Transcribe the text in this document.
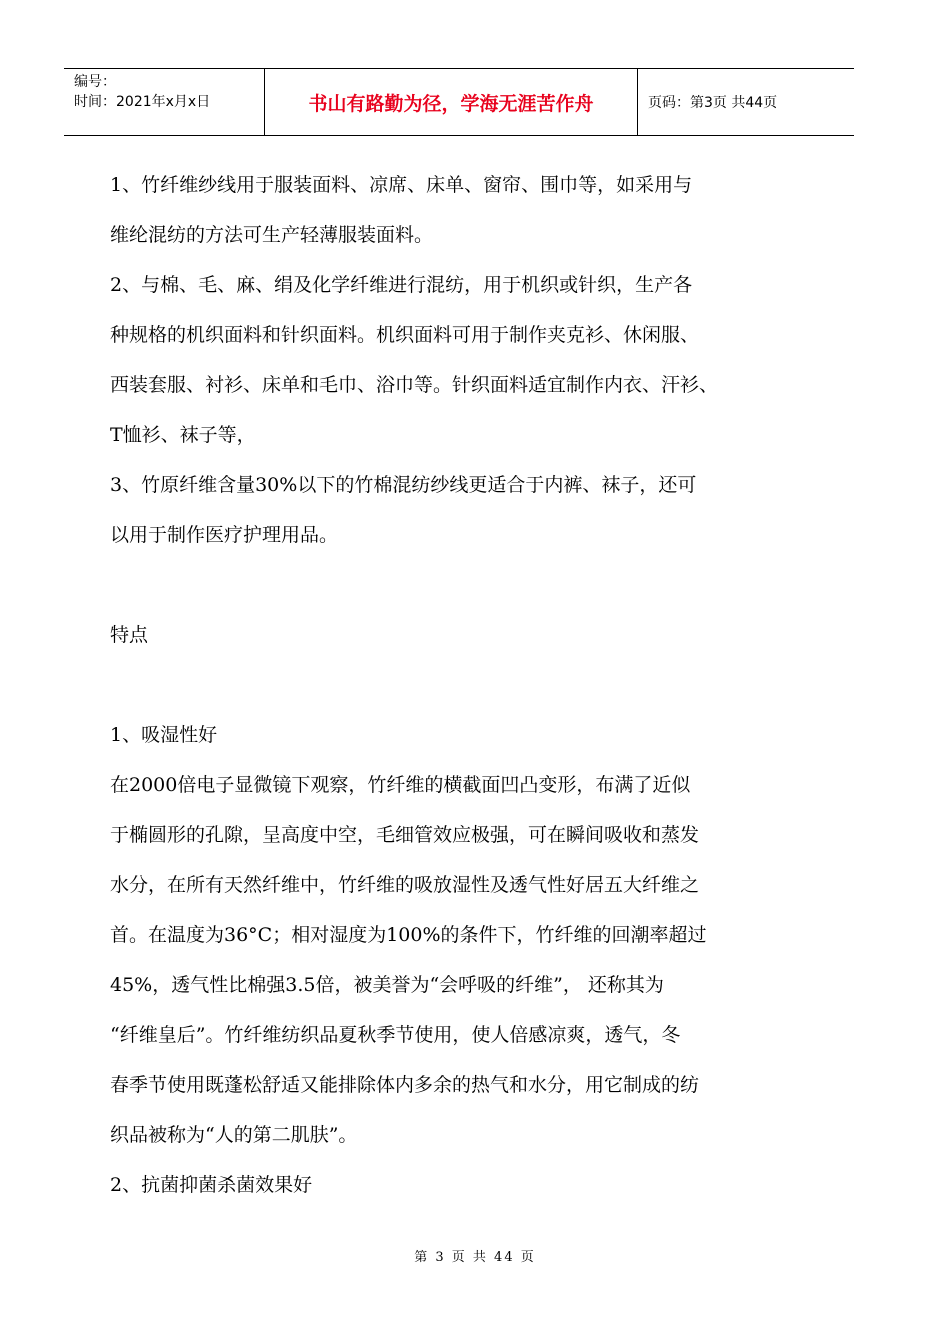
编号：
时间：2021年x月x日	书山有路勤为径，学海无涯苦作舟	页码：第3页 共44页
1、竹纤维纱线用于服装面料、凉席、床单、窗帘、围巾等，如采用与
维纶混纺的方法可生产轻薄服装面料。
2、与棉、毛、麻、绢及化学纤维进行混纺，用于机织或针织，生产各
种规格的机织面料和针织面料。机织面料可用于制作夹克衫、休闲服、
西装套服、衬衫、床单和毛巾、浴巾等。针织面料适宜制作内衣、汗衫、
T恤衫、袜子等，
3、竹原纤维含量30%以下的竹棉混纺纱线更适合于内裤、袜子，还可
以用于制作医疗护理用品。
特点
1、吸湿性好
在2000倍电子显微镜下观察，竹纤维的横截面凹凸变形，布满了近似
于椭圆形的孔隙，呈高度中空，毛细管效应极强，可在瞬间吸收和蒸发
水分，在所有天然纤维中，竹纤维的吸放湿性及透气性好居五大纤维之
首。在温度为36°C；相对湿度为100%的条件下，竹纤维的回潮率超过
45%，透气性比棉强3.5倍，被美誉为“会呼吸的纤维”， 还称其为
“纤维皇后”。竹纤维纺织品夏秋季节使用，使人倍感凉爽，透气，冬
春季节使用既蓬松舒适又能排除体内多余的热气和水分，用它制成的纺
织品被称为“人的第二肌肤”。
2、抗菌抑菌杀菌效果好
第 3 页 共 44 页
